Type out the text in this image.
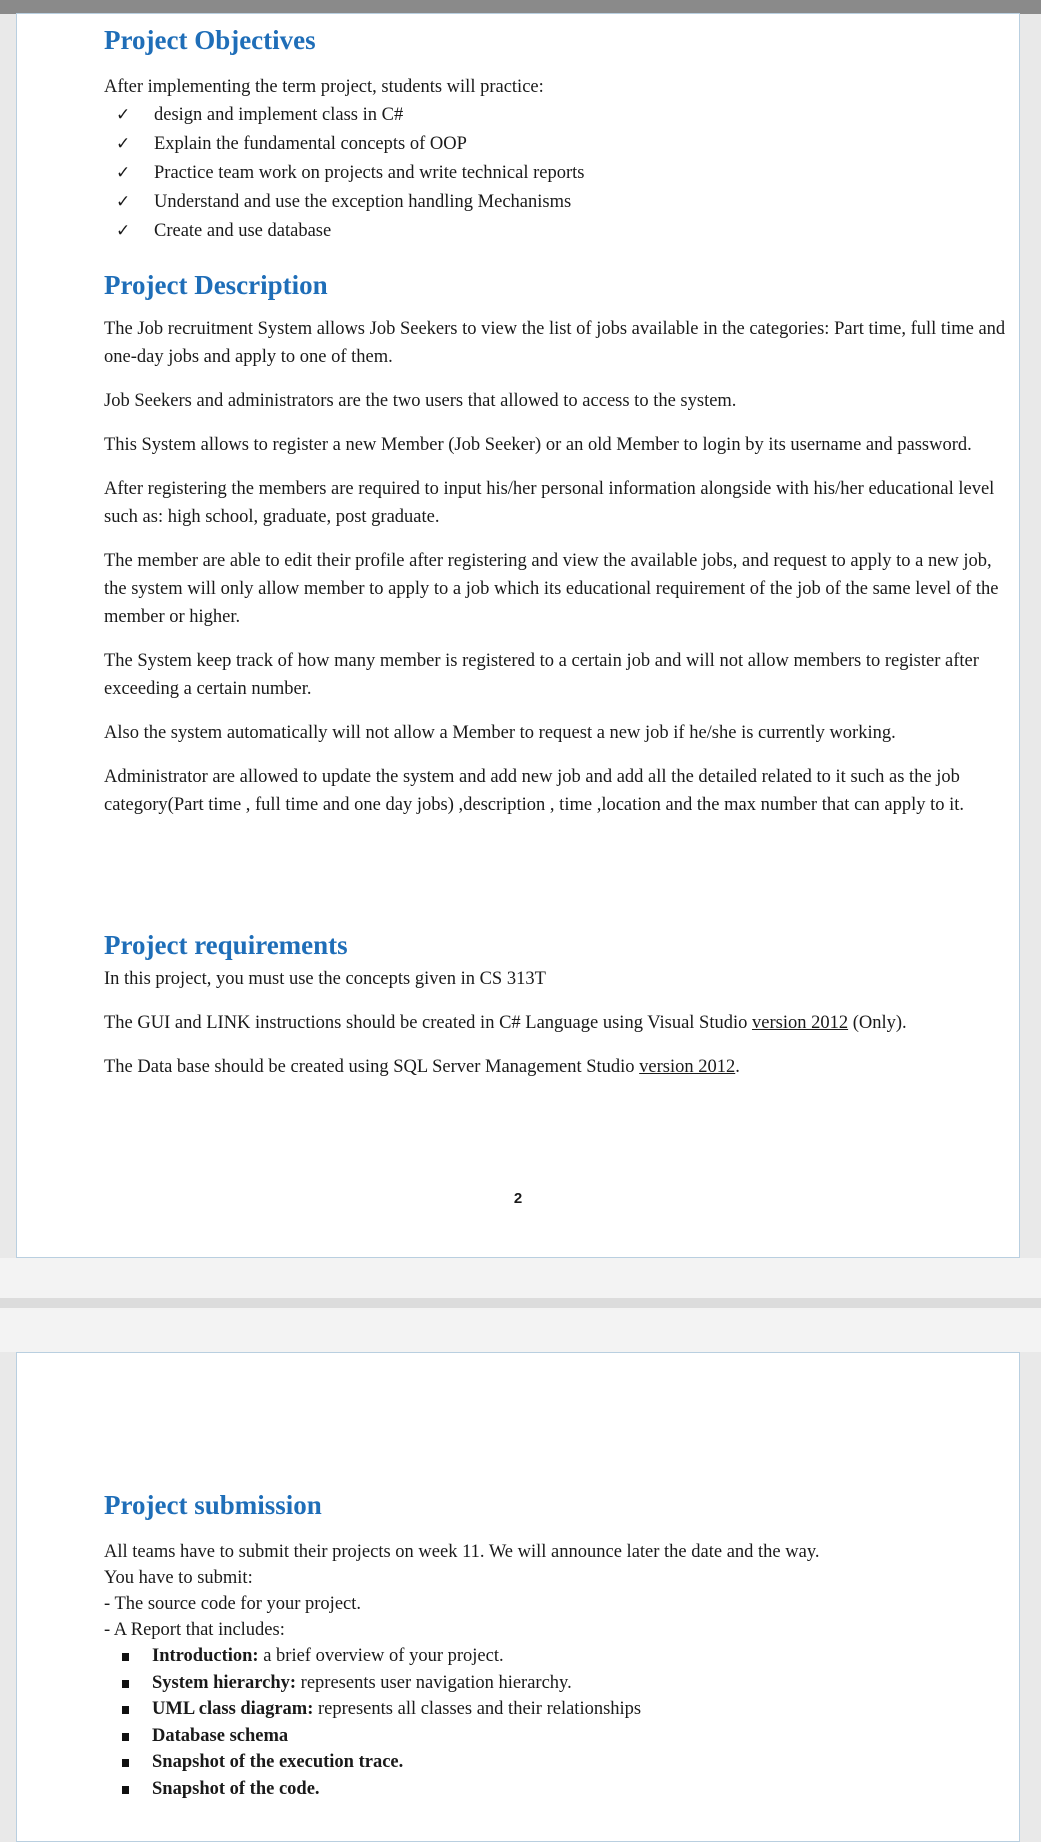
Project Objectives

After implementing the term project, students will practice:

✓ design and implement class in C#
✓ Explain the fundamental concepts of OOP
✓ Practice team work on projects and write technical reports
✓ Understand and use the exception handling Mechanisms
✓ Create and use database
Project Description

The Job recruitment System allows Job Seekers to view the list of jobs available in the categories: Part time, full time and one-day jobs and apply to one of them.

Job Seekers and administrators are the two users that allowed to access to the system.

This System allows to register a new Member (Job Seeker) or an old Member to login by its username and password.

After registering the members are required to input his/her personal information alongside with his/her educational level such as: high school, graduate, post graduate.

The member are able to edit their profile after registering and view the available jobs, and request to apply to a new job, the system will only allow member to apply to a job which its educational requirement of the job of the same level of the member or higher.

The System keep track of how many member is registered to a certain job and will not allow members to register after exceeding a certain number.

Also the system automatically will not allow a Member to request a new job if he/she is currently working.

Administrator are allowed to update the system and add new job and add all the detailed related to it such as the job category(Part time , full time and one day jobs) ,description , time ,location and the max number that can apply to it.

Project requirements

In this project, you must use the concepts given in CS 313T

The GUI and LINK instructions should be created in C# Language using Visual Studio version 2012 (Only).

The Data base should be created using SQL Server Management Studio version 2012.

2
Project submission

All teams have to submit their projects on week 11. We will announce later the date and the way.

You have to submit:

- The source code for your project.
- A Report that includes:
Introduction: a brief overview of your project.
System hierarchy: represents user navigation hierarchy.
UML class diagram: represents all classes and their relationships
Database schema
Snapshot of the execution trace.
Snapshot of the code.
